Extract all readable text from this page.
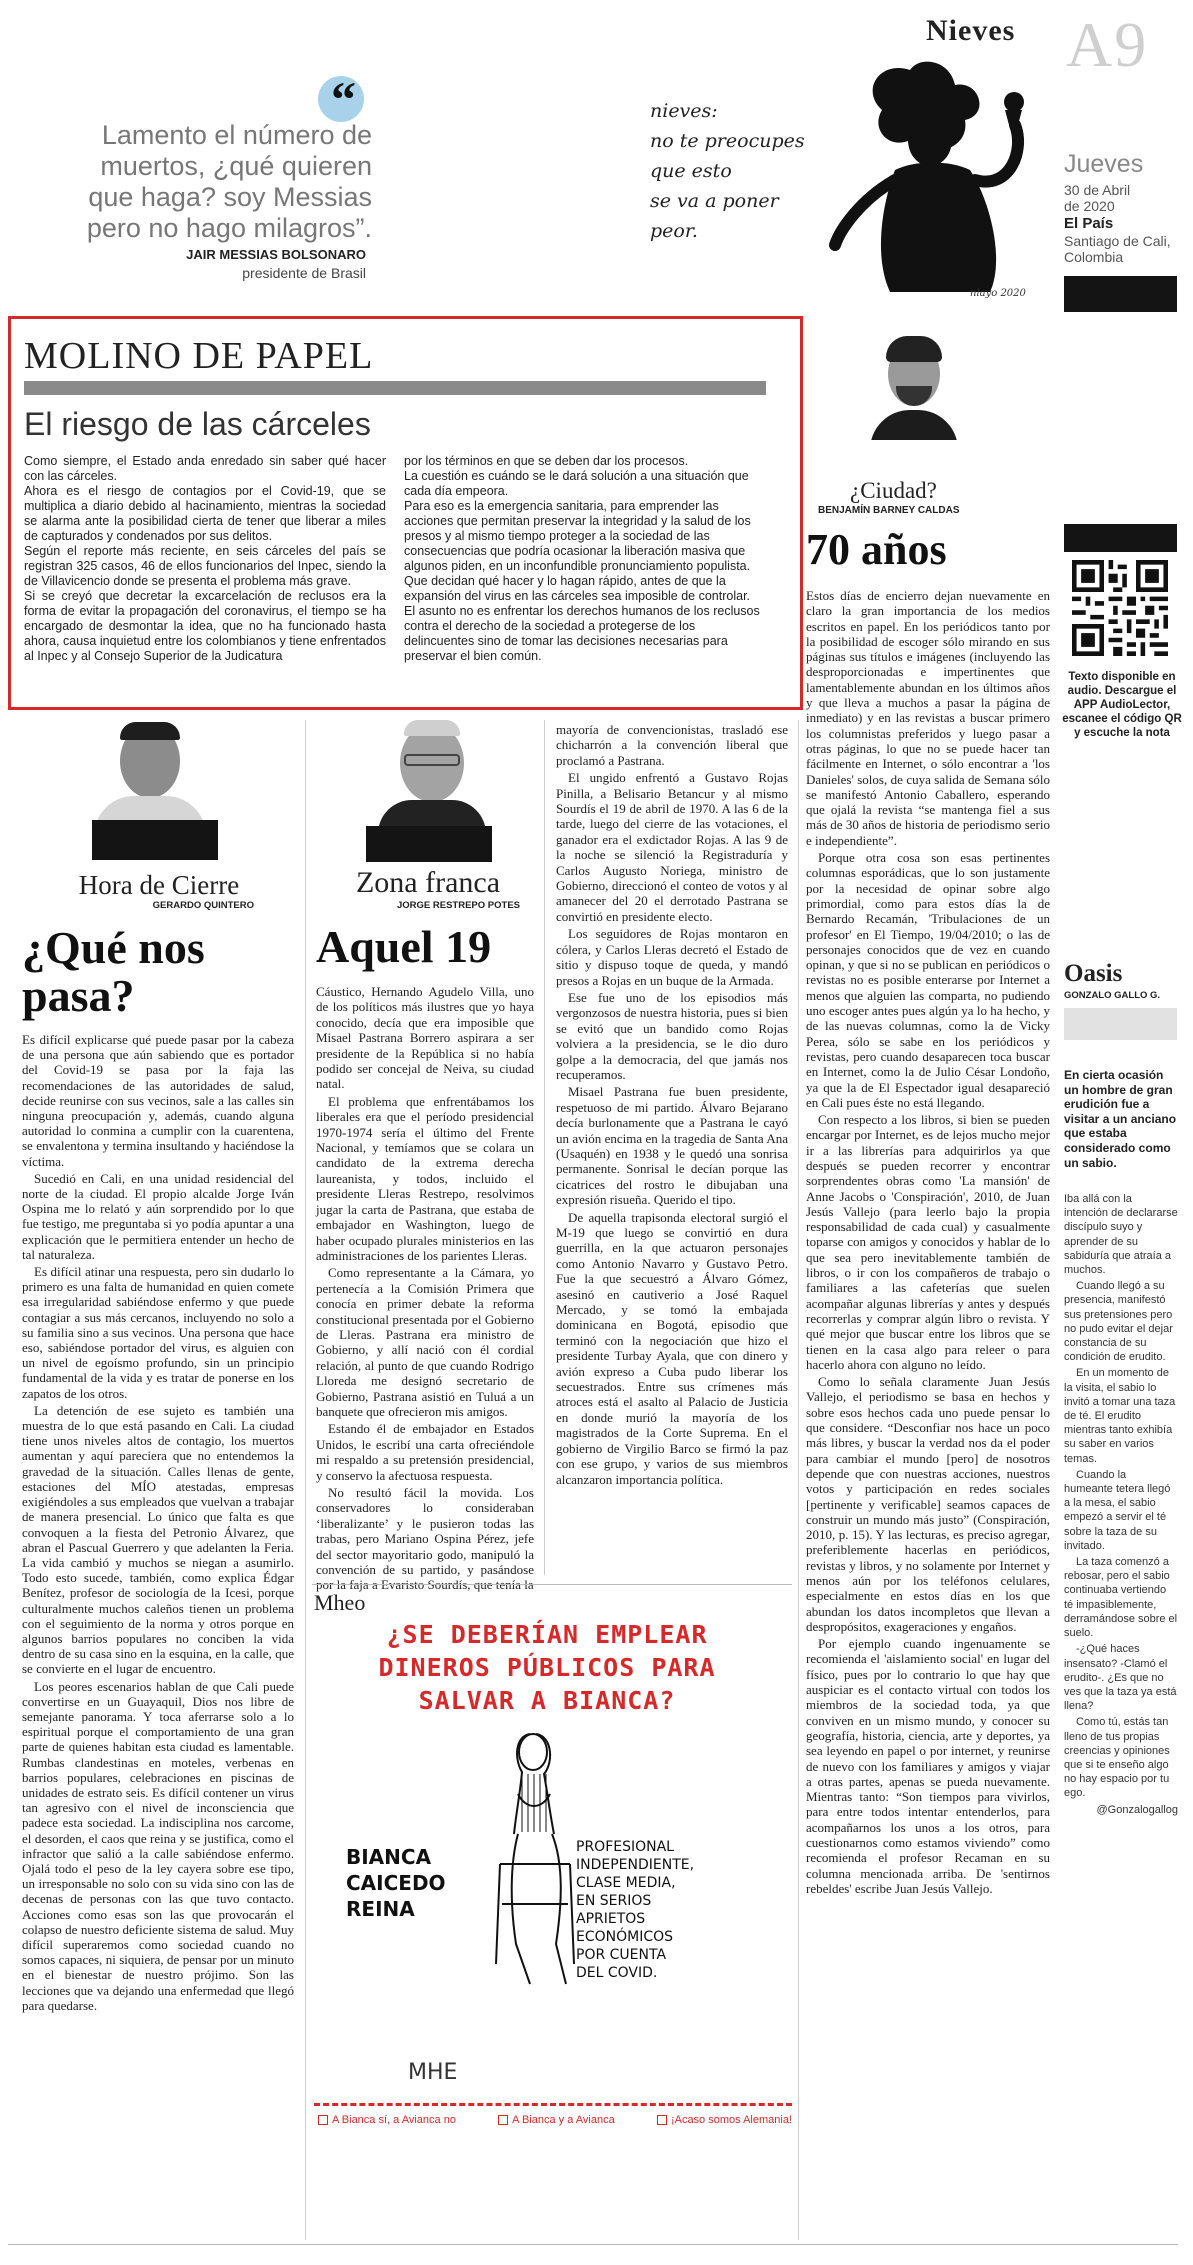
Nieves A9
Jueves
30 de Abril
de 2020
El País
Santiago de Cali,
Colombia
“
Lamento el número de muertos, ¿qué quieren que haga? soy Messias pero no hago milagros”.
JAIR MESSIAS BOLSONARO
presidente de Brasil
nieves:
no te preocupes
que esto
se va a poner
peor.
nlayo 2020
MOLINO DE PAPEL
El riesgo de las cárceles

Como siempre, el Estado anda enredado sin saber qué hacer con las cárceles.

Ahora es el riesgo de contagios por el Covid-19, que se multiplica a diario debido al hacinamiento, mientras la sociedad se alarma ante la posibilidad cierta de tener que liberar a miles de capturados y condenados por sus delitos.

Según el reporte más reciente, en seis cárceles del país se registran 325 casos, 46 de ellos funcionarios del Inpec, siendo la de Villavicencio donde se presenta el problema más grave.

Si se creyó que decretar la excarcelación de reclusos era la forma de evitar la propagación del coronavirus, el tiempo se ha encargado de desmontar la idea, que no ha funcionado hasta ahora, causa inquietud entre los colombianos y tiene enfrentados al Inpec y al Consejo Superior de la Judicatura

por los términos en que se deben dar los procesos.

La cuestión es cuándo se le dará solución a una situación que cada día empeora.

Para eso es la emergencia sanitaria, para emprender las acciones que permitan preservar la integridad y la salud de los presos y al mismo tiempo proteger a la sociedad de las consecuencias que podría ocasionar la liberación masiva que algunos piden, en un inconfundible pronunciamiento populista.

Que decidan qué hacer y lo hagan rápido, antes de que la expansión del virus en las cárceles sea imposible de controlar.

El asunto no es enfrentar los derechos humanos de los reclusos contra el derecho de la sociedad a protegerse de los delincuentes sino de tomar las decisiones necesarias para preservar el bien común.

¿Ciudad?
BENJAMÍN BARNEY CALDAS
70 años

Estos días de encierro dejan nuevamente en claro la gran importancia de los medios escritos en papel. En los periódicos tanto por la posibilidad de escoger sólo mirando en sus páginas sus títulos e imágenes (incluyendo las desproporcionadas e impertinentes que lamentablemente abundan en los últimos años y que lleva a muchos a pasar la página de inmediato) y en las revistas a buscar primero los columnistas preferidos y luego pasar a otras páginas, lo que no se puede hacer tan fácilmente en Internet, o sólo encontrar a 'los Danieles' solos, de cuya salida de Semana sólo se manifestó Antonio Caballero, esperando que ojalá la revista “se mantenga fiel a sus más de 30 años de historia de periodismo serio e independiente”.

Porque otra cosa son esas pertinentes columnas esporádicas, que lo son justamente por la necesidad de opinar sobre algo primordial, como para estos días la de Bernardo Recamán, 'Tribulaciones de un profesor' en El Tiempo, 19/04/2010; o las de personajes conocidos que de vez en cuando opinan, y que si no se publican en periódicos o revistas no es posible enterarse por Internet a menos que alguien las comparta, no pudiendo uno escoger antes pues algún ya lo ha hecho, y de las nuevas columnas, como la de Vicky Perea, sólo se sabe en los periódicos y revistas, pero cuando desaparecen toca buscar en Internet, como la de Julio César Londoño, ya que la de El Espectador igual desapareció en Cali pues éste no está llegando.

Con respecto a los libros, si bien se pueden encargar por Internet, es de lejos mucho mejor ir a las librerías para adquirirlos ya que después se pueden recorrer y encontrar sorprendentes obras como 'La mansión' de Anne Jacobs o 'Conspiración', 2010, de Juan Jesús Vallejo (para leerlo bajo la propia responsabilidad de cada cual) y casualmente toparse con amigos y conocidos y hablar de lo que sea pero inevitablemente también de libros, o ir con los compañeros de trabajo o familiares a las cafeterías que suelen acompañar algunas librerías y antes y después recorrerlas y comprar algún libro o revista. Y qué mejor que buscar entre los libros que se tienen en la casa algo para releer o para hacerlo ahora con alguno no leído.

Como lo señala claramente Juan Jesús Vallejo, el periodismo se basa en hechos y sobre esos hechos cada uno puede pensar lo que considere. “Desconfiar nos hace un poco más libres, y buscar la verdad nos da el poder para cambiar el mundo [pero] de nosotros depende que con nuestras acciones, nuestros votos y participación en redes sociales [pertinente y verificable] seamos capaces de construir un mundo más justo” (Conspiración, 2010, p. 15). Y las lecturas, es preciso agregar, preferiblemente hacerlas en periódicos, revistas y libros, y no solamente por Internet y menos aún por los teléfonos celulares, especialmente en estos días en los que abundan los datos incompletos que llevan a despropósitos, exageraciones y engaños.

Por ejemplo cuando ingenuamente se recomienda el 'aislamiento social' en lugar del físico, pues por lo contrario lo que hay que auspiciar es el contacto virtual con todos los miembros de la sociedad toda, ya que conviven en un mismo mundo, y conocer su geografía, historia, ciencia, arte y deportes, ya sea leyendo en papel o por internet, y reunirse de nuevo con los familiares y amigos y viajar a otras partes, apenas se pueda nuevamente. Mientras tanto: “Son tiempos para vivirlos, para entre todos intentar entenderlos, para acompañarnos los unos a los otros, para cuestionarnos como estamos viviendo” como recomienda el profesor Recaman en su columna mencionada arriba. De 'sentirnos rebeldes' escribe Juan Jesús Vallejo.

Texto disponible en audio. Descargue el APP AudioLector, escanee el código QR y escuche la nota
Oasis
GONZALO GALLO G.
En cierta ocasión un hombre de gran erudición fue a visitar a un anciano que estaba considerado como un sabio.

Iba allá con la intención de declararse discípulo suyo y aprender de su sabiduría que atraía a muchos.

Cuando llegó a su presencia, manifestó sus pretensiones pero no pudo evitar el dejar constancia de su condición de erudito.

En un momento de la visita, el sabio lo invitó a tomar una taza de té. El erudito mientras tanto exhibía su saber en varios temas.

Cuando la humeante tetera llegó a la mesa, el sabio empezó a servir el té sobre la taza de su invitado.

La taza comenzó a rebosar, pero el sabio continuaba vertiendo té impasiblemente, derramándose sobre el suelo.

-¿Qué haces insensato? -Clamó el erudito-. ¿Es que no ves que la taza ya está llena?

Como tú, estás tan lleno de tus propias creencias y opiniones que si te enseño algo no hay espacio por tu ego.

@Gonzalogallog

Hora de Cierre
GERARDO QUINTERO
¿Qué nos pasa?

Es difícil explicarse qué puede pasar por la cabeza de una persona que aún sabiendo que es portador del Covid-19 se pasa por la faja las recomendaciones de las autoridades de salud, decide reunirse con sus vecinos, sale a las calles sin ninguna preocupación y, además, cuando alguna autoridad lo conmina a cumplir con la cuarentena, se envalentona y termina insultando y haciéndose la víctima.

Sucedió en Cali, en una unidad residencial del norte de la ciudad. El propio alcalde Jorge Iván Ospina me lo relató y aún sorprendido por lo que fue testigo, me preguntaba si yo podía apuntar a una explicación que le permitiera entender un hecho de tal naturaleza.

Es difícil atinar una respuesta, pero sin dudarlo lo primero es una falta de humanidad en quien comete esa irregularidad sabiéndose enfermo y que puede contagiar a sus más cercanos, incluyendo no solo a su familia sino a sus vecinos. Una persona que hace eso, sabiéndose portador del virus, es alguien con un nivel de egoísmo profundo, sin un principio fundamental de la vida y es tratar de ponerse en los zapatos de los otros.

La detención de ese sujeto es también una muestra de lo que está pasando en Cali. La ciudad tiene unos niveles altos de contagio, los muertos aumentan y aquí pareciera que no entendemos la gravedad de la situación. Calles llenas de gente, estaciones del MÍO atestadas, empresas exigiéndoles a sus empleados que vuelvan a trabajar de manera presencial. Lo único que falta es que convoquen a la fiesta del Petronio Álvarez, que abran el Pascual Guerrero y que adelanten la Feria. La vida cambió y muchos se niegan a asumirlo. Todo esto sucede, también, como explica Édgar Benítez, profesor de sociología de la Icesi, porque culturalmente muchos caleños tienen un problema con el seguimiento de la norma y otros porque en algunos barrios populares no conciben la vida dentro de su casa sino en la esquina, en la calle, que se convierte en el lugar de encuentro.

Los peores escenarios hablan de que Cali puede convertirse en un Guayaquil, Dios nos libre de semejante panorama. Y toca aferrarse solo a lo espiritual porque el comportamiento de una gran parte de quienes habitan esta ciudad es lamentable. Rumbas clandestinas en moteles, verbenas en barrios populares, celebraciones en piscinas de unidades de estrato seis. Es difícil contener un virus tan agresivo con el nivel de inconsciencia que padece esta sociedad. La indisciplina nos carcome, el desorden, el caos que reina y se justifica, como el infractor que salió a la calle sabiéndose enfermo. Ojalá todo el peso de la ley cayera sobre ese tipo, un irresponsable no solo con su vida sino con las de decenas de personas con las que tuvo contacto. Acciones como esas son las que provocarán el colapso de nuestro deficiente sistema de salud. Muy difícil superaremos como sociedad cuando no somos capaces, ni siquiera, de pensar por un minuto en el bienestar de nuestro prójimo. Son las lecciones que va dejando una enfermedad que llegó para quedarse.

Zona franca
JORGE RESTREPO POTES
Aquel 19

Cáustico, Hernando Agudelo Villa, uno de los políticos más ilustres que yo haya conocido, decía que era imposible que Misael Pastrana Borrero aspirara a ser presidente de la República si no había podido ser concejal de Neiva, su ciudad natal.

El problema que enfrentábamos los liberales era que el período presidencial 1970-1974 sería el último del Frente Nacional, y temíamos que se colara un candidato de la extrema derecha laureanista, y todos, incluido el presidente Lleras Restrepo, resolvimos jugar la carta de Pastrana, que estaba de embajador en Washington, luego de haber ocupado plurales ministerios en las administraciones de los parientes Lleras.

Como representante a la Cámara, yo pertenecía a la Comisión Primera que conocía en primer debate la reforma constitucional presentada por el Gobierno de Lleras. Pastrana era ministro de Gobierno, y allí nació con él cordial relación, al punto de que cuando Rodrigo Lloreda me designó secretario de Gobierno, Pastrana asistió en Tuluá a un banquete que ofrecieron mis amigos.

Estando él de embajador en Estados Unidos, le escribí una carta ofreciéndole mi respaldo a su pretensión presidencial, y conservo la afectuosa respuesta.

No resultó fácil la movida. Los conservadores lo consideraban ‘liberalizante’ y le pusieron todas las trabas, pero Mariano Ospina Pérez, jefe del sector mayoritario godo, manipuló la convención de su partido, y pasándose

mayoría de convencionistas, trasladó ese chicharrón a la convención liberal que proclamó a Pastrana.

El ungido enfrentó a Gustavo Rojas Pinilla, a Belisario Betancur y al mismo Sourdís el 19 de abril de 1970. A las 6 de la tarde, luego del cierre de las votaciones, el ganador era el exdictador Rojas. A las 9 de la noche se silenció la Registraduría y Carlos Augusto Noriega, ministro de Gobierno, direccionó el conteo de votos y al amanecer del 20 el derrotado Pastrana se convirtió en presidente electo.

Los seguidores de Rojas montaron en cólera, y Carlos Lleras decretó el Estado de sitio y dispuso toque de queda, y mandó presos a Rojas en un buque de la Armada.

Ese fue uno de los episodios más vergonzosos de nuestra historia, pues si bien se evitó que un bandido como Rojas volviera a la presidencia, se le dio duro golpe a la democracia, del que jamás nos recuperamos.

Misael Pastrana fue buen presidente, respetuoso de mi partido. Álvaro Bejarano decía burlonamente que a Pastrana le cayó un avión encima en la tragedia de Santa Ana (Usaquén) en 1938 y le quedó una sonrisa permanente. Sonrisal le decían porque las cicatrices del rostro le dibujaban una expresión risueña. Querido el tipo.

De aquella trapisonda electoral surgió el M-19 que luego se convirtió en dura guerrilla, en la que actuaron personajes como Antonio Navarro y Gustavo Petro. Fue la que secuestró a Álvaro Gómez, asesinó en cautiverio a José Raquel Mercado, y se tomó la embajada dominicana en Bogotá, episodio que terminó con la negociación que hizo el presidente Turbay Ayala, que con dinero y avión expreso a Cuba pudo liberar los secuestrados. Entre sus crímenes más atroces está el asalto al Palacio de Justicia en donde murió la mayoría de los magistrados de la Corte Suprema. En el gobierno de Virgilio Barco se firmó la paz con ese grupo, y varios de sus miembros alcanzaron importancia política.

Mheo
¿SE DEBERÍAN EMPLEAR DINEROS PÚBLICOS PARA SALVAR A BIANCA?
BIANCA
CAICEDO
REINA
PROFESIONAL
INDEPENDIENTE,
CLASE MEDIA,
EN SERIOS
APRIETOS
ECONÓMICOS
POR CUENTA
DEL COVID.
MHE
A Bianca sí, a Avianca no	A Bianca y a Avianca	¡Acaso somos Alemania!
